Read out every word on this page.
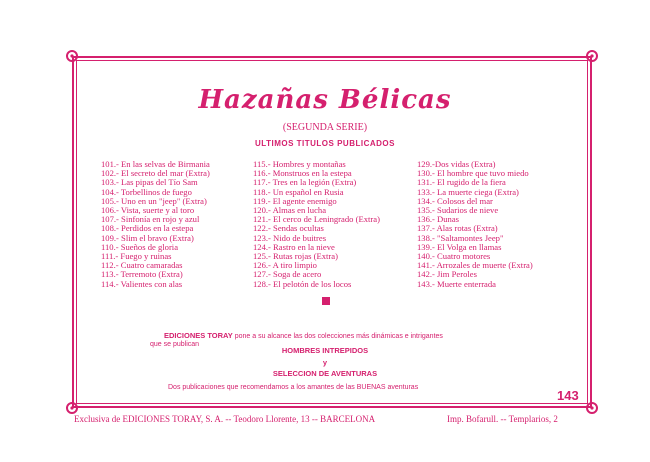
Hazañas Bélicas
(SEGUNDA SERIE)
ULTIMOS TITULOS PUBLICADOS
101.- En las selvas de Birmania
102.- El secreto del mar (Extra)
103.- Las pipas del Tío Sam
104.- Torbellinos de fuego
105.- Uno en un "jeep" (Extra)
106.- Vista, suerte y al toro
107.- Sinfonía en rojo y azul
108.- Perdidos en la estepa
109.- Slim el bravo (Extra)
110.- Sueños de gloria
111.- Fuego y ruinas
112.- Cuatro camaradas
113.- Terremoto (Extra)
114.- Valientes con alas
115.- Hombres y montañas
116.- Monstruos en la estepa
117.- Tres en la legión (Extra)
118.- Un español en Rusia
119.- El agente enemigo
120.- Almas en lucha
121.- El cerco de Leningrado (Extra)
122.- Sendas ocultas
123.- Nido de buitres
124.- Rastro en la nieve
125.- Rutas rojas (Extra)
126.- A tiro limpio
127.- Soga de acero
128.- El pelotón de los locos
129.-Dos vidas (Extra)
130.- El hombre que tuvo miedo
131.- El rugido de la fiera
133.- La muerte ciega (Extra)
134.- Colosos del mar
135.- Sudarios de nieve
136.- Dunas
137.- Alas rotas (Extra)
138.- "Saltamontes Jeep"
139.- El Volga en llamas
140.- Cuatro motores
141.- Arrozales de muerte (Extra)
142.- Jim Peroles
143.- Muerte enterrada
EDICIONES TORAY pone a su alcance las dos colecciones más dinámicas e intrigantes
que se publican
HOMBRES INTREPIDOS
y
SELECCION DE AVENTURAS
Dos publicaciones que recomendamos a los amantes de las BUENAS aventuras
143
Exclusiva de EDICIONES TORAY, S. A. -- Teodoro Llorente, 13 -- BARCELONA	Imp. Bofarull. -- Templarios, 2
